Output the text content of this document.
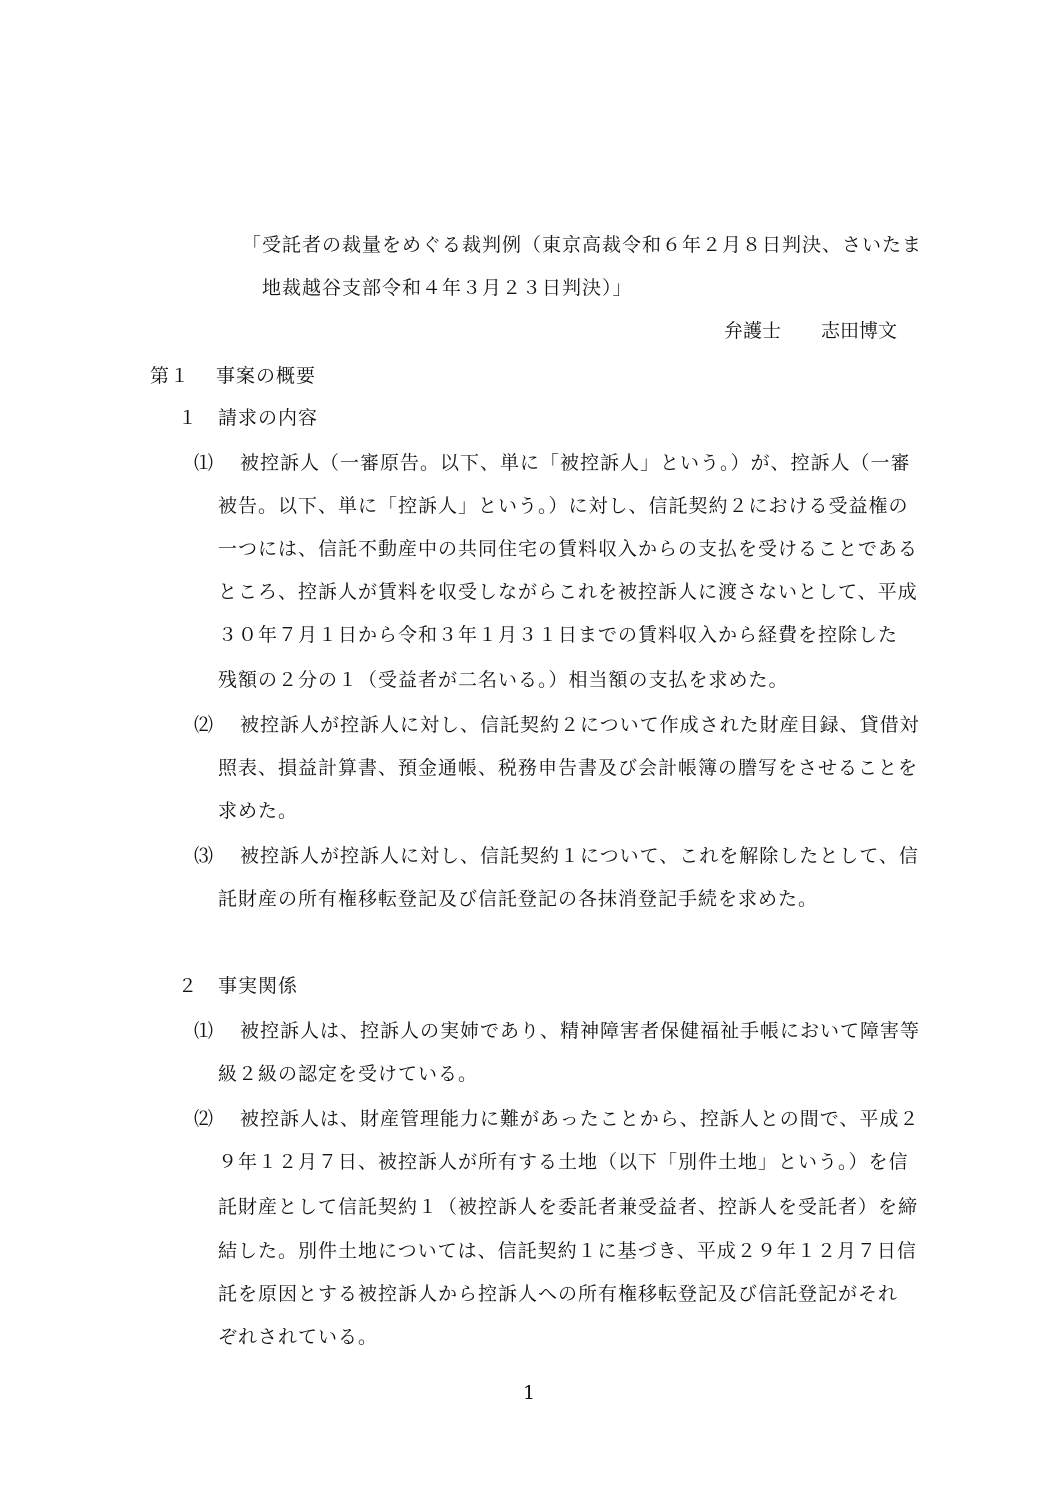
「受託者の裁量をめぐる裁判例（東京高裁令和６年２月８日判決、さいたま
地裁越谷支部令和４年３月２３日判決）」
弁護士 志田博文
第１ 事案の概要
１ 請求の内容
⑴ 被控訴人（一審原告。以下、単に「被控訴人」という。）が、控訴人（一審
被告。以下、単に「控訴人」という。）に対し、信託契約２における受益権の
一つには、信託不動産中の共同住宅の賃料収入からの支払を受けることである
ところ、控訴人が賃料を収受しながらこれを被控訴人に渡さないとして、平成
３０年７月１日から令和３年１月３１日までの賃料収入から経費を控除した
残額の２分の１（受益者が二名いる。）相当額の支払を求めた。
⑵ 被控訴人が控訴人に対し、信託契約２について作成された財産目録、貸借対
照表、損益計算書、預金通帳、税務申告書及び会計帳簿の謄写をさせることを
求めた。
⑶ 被控訴人が控訴人に対し、信託契約１について、これを解除したとして、信
託財産の所有権移転登記及び信託登記の各抹消登記手続を求めた。
２ 事実関係
⑴ 被控訴人は、控訴人の実姉であり、精神障害者保健福祉手帳において障害等
級２級の認定を受けている。
⑵ 被控訴人は、財産管理能力に難があったことから、控訴人との間で、平成２
９年１２月７日、被控訴人が所有する土地（以下「別件土地」という。）を信
託財産として信託契約１（被控訴人を委託者兼受益者、控訴人を受託者）を締
結した。別件土地については、信託契約１に基づき、平成２９年１２月７日信
託を原因とする被控訴人から控訴人への所有権移転登記及び信託登記がそれ
ぞれされている。
1
